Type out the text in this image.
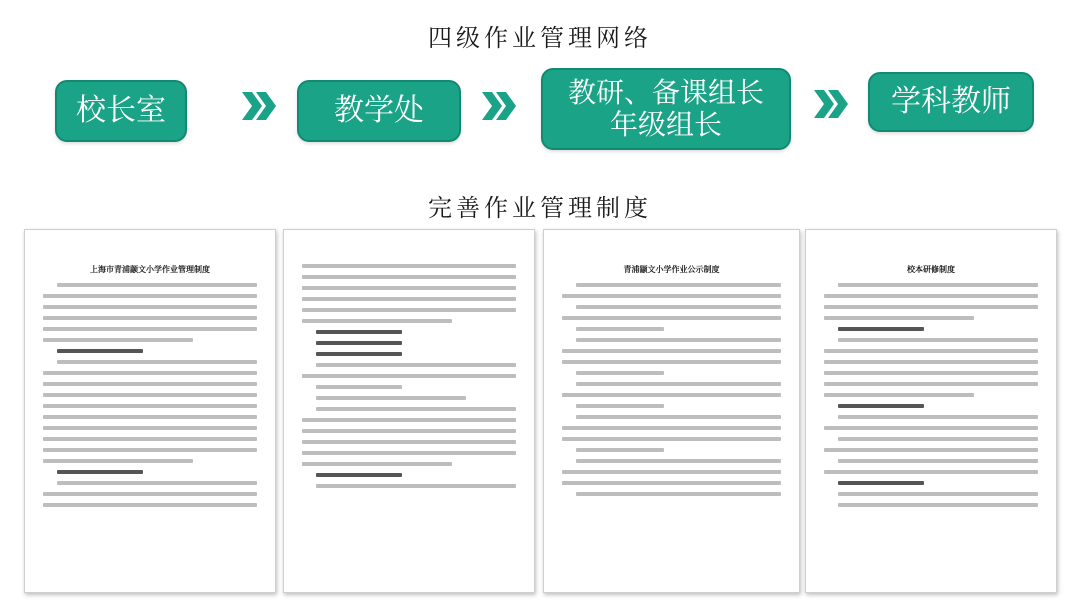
四级作业管理网络
校长室	教学处
教研、备课组长
年级组长
学科教师
完善作业管理制度
上海市青浦颛文小学作业管理制度	青浦颛文小学作业公示制度	校本研修制度
